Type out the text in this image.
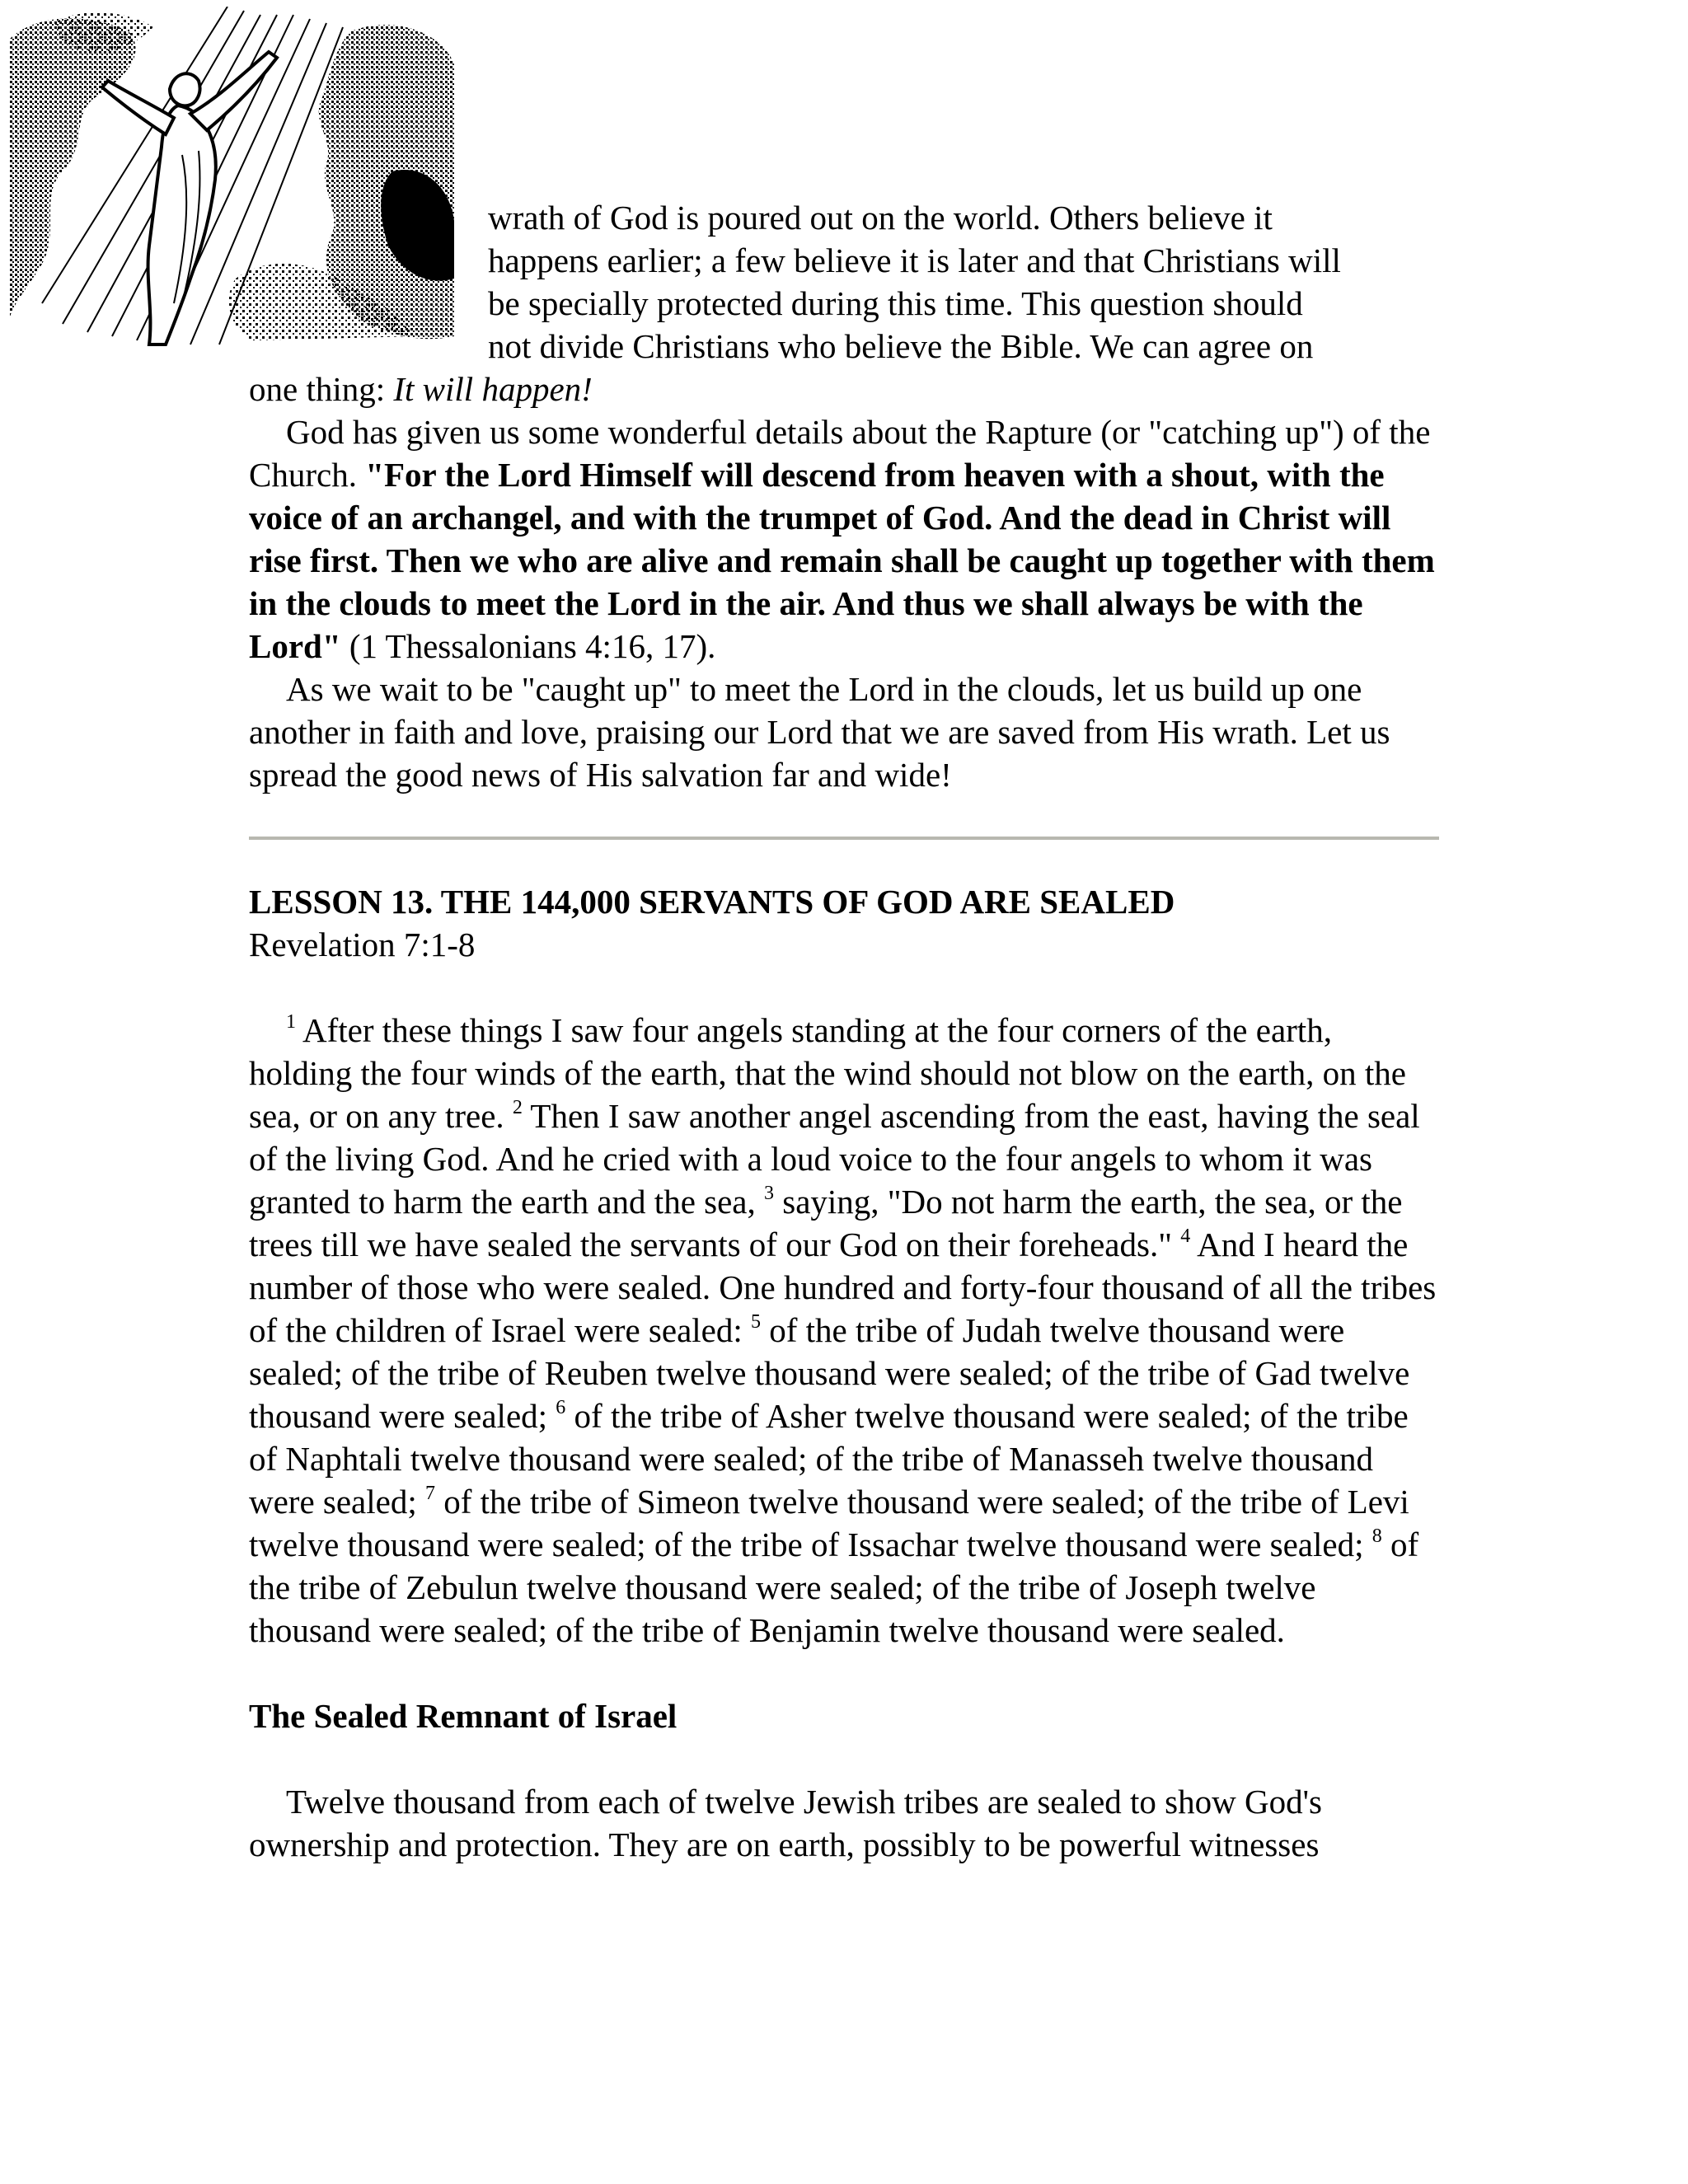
wrath of God is poured out on the world. Others believe it
happens earlier; a few believe it is later and that Christians will
be specially protected during this time. This question should
not divide Christians who believe the Bible. We can agree on
one thing: It will happen!

God has given us some wonderful details about the Rapture (or "catching up") of the Church. "For the Lord Himself will descend from heaven with a shout, with the voice of an archangel, and with the trumpet of God. And the dead in Christ will rise first. Then we who are alive and remain shall be caught up together with them in the clouds to meet the Lord in the air. And thus we shall always be with the Lord" (1 Thessalonians 4:16, 17).

As we wait to be "caught up" to meet the Lord in the clouds, let us build up one another in faith and love, praising our Lord that we are saved from His wrath. Let us spread the good news of His salvation far and wide!

LESSON 13. THE 144,000 SERVANTS OF GOD ARE SEALED

Revelation 7:1-8

$^1$ After these things I saw four angels standing at the four corners of the earth, holding the four winds of the earth, that the wind should not blow on the earth, on the sea, or on any tree. $^2$ Then I saw another angel ascending from the east, having the seal of the living God. And he cried with a loud voice to the four angels to whom it was granted to harm the earth and the sea, $^3$ saying, "Do not harm the earth, the sea, or the trees till we have sealed the servants of our God on their foreheads." $^4$ And I heard the number of those who were sealed. One hundred and forty-four thousand of all the tribes of the children of Israel were sealed: $^5$ of the tribe of Judah twelve thousand were sealed; of the tribe of Reuben twelve thousand were sealed; of the tribe of Gad twelve thousand were sealed; $^6$ of the tribe of Asher twelve thousand were sealed; of the tribe of Naphtali twelve thousand were sealed; of the tribe of Manasseh twelve thousand were sealed; $^7$ of the tribe of Simeon twelve thousand were sealed; of the tribe of Levi twelve thousand were sealed; of the tribe of Issachar twelve thousand were sealed; $^8$ of the tribe of Zebulun twelve thousand were sealed; of the tribe of Joseph twelve thousand were sealed; of the tribe of Benjamin twelve thousand were sealed.

The Sealed Remnant of Israel

Twelve thousand from each of twelve Jewish tribes are sealed to show God's ownership and protection. They are on earth, possibly to be powerful witnesses
